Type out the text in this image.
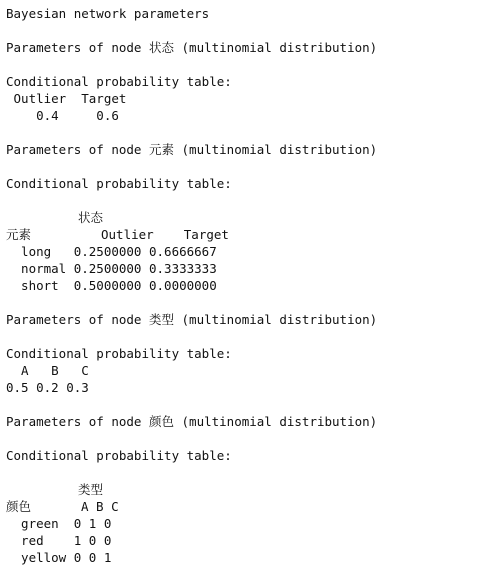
Bayesian network parameters
Parameters of node 状态 (multinomial distribution)
Conditional probability table:
Outlier  Target
0.4     0.6
Parameters of node 元素 (multinomial distribution)
Conditional probability table:
状态
元素	Outlier    Target
long   0.2500000 0.6666667
normal 0.2500000 0.3333333
short  0.5000000 0.0000000
Parameters of node 类型 (multinomial distribution)
Conditional probability table:
A   B   C
0.5 0.2 0.3
Parameters of node 颜色 (multinomial distribution)
Conditional probability table:
类型
颜色	A B C
green  0 1 0
red    1 0 0
yellow 0 0 1
